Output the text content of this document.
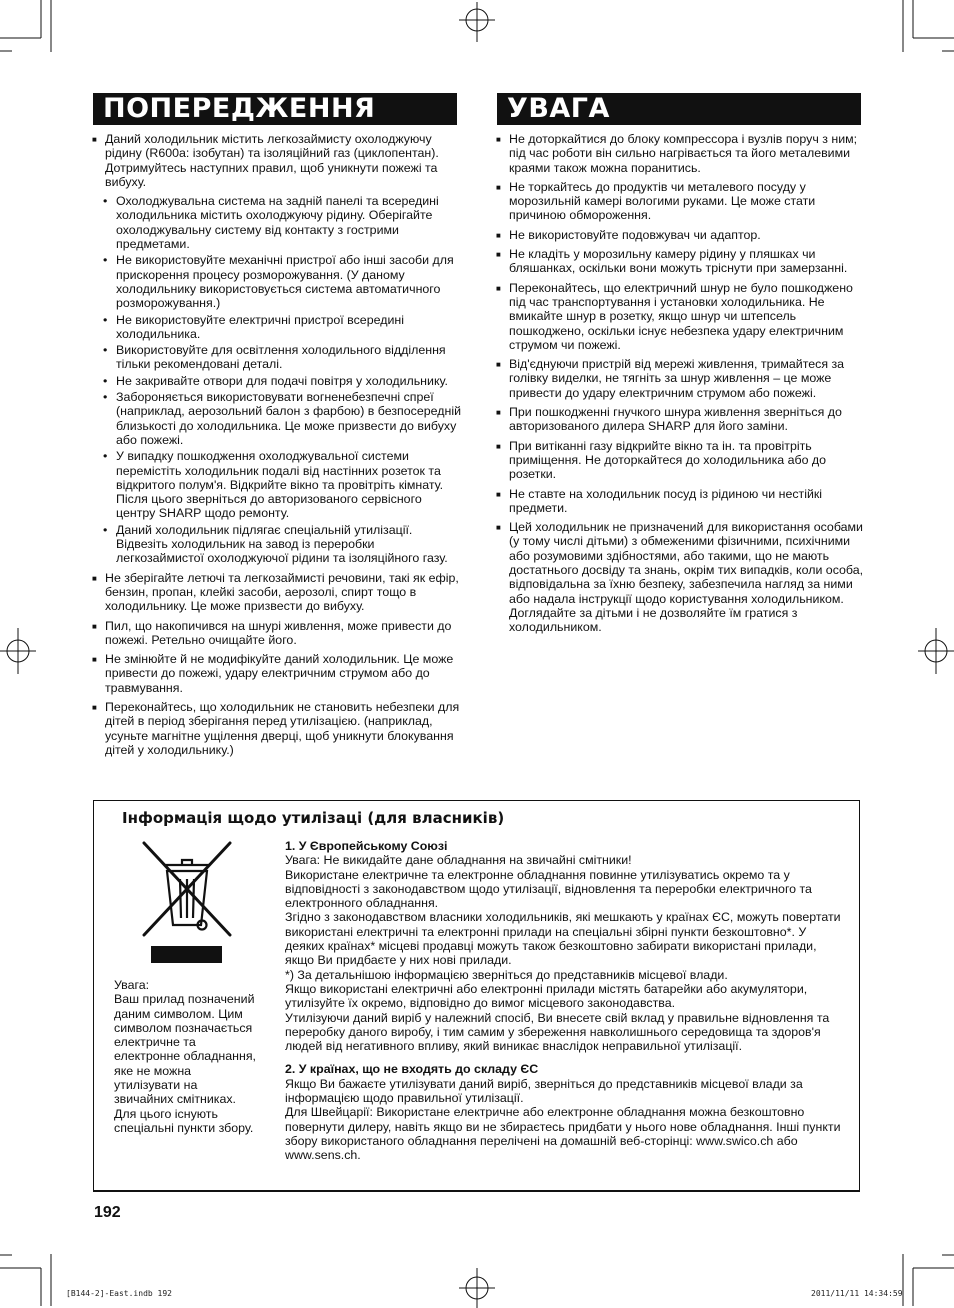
ПОПЕРЕДЖЕННЯ	УВАГА
■ Даний холодильник містить легкозаймисту охолоджуючу рідину (R600a: ізобутан) та ізоляційний газ (циклопентан). Дотримуйтесь наступних правил, щоб уникнути пожежі та вибуху.
• Охолоджувальна система на задній панелі та всередині холодильника містить охолоджуючу рідину. Оберігайте охолоджувальну систему від контакту з гострими предметами.
• Не використовуйте механічні пристрої або інші засоби для прискорення процесу розморожування. (У даному холодильнику використовується система автоматичного розморожування.)
• Не використовуйте електричні пристрої всередині холодильника.
• Використовуйте для освітлення холодильного відділення тільки рекомендовані деталі.
• Не закривайте отвори для подачі повітря у холодильнику.
• Забороняється використовувати вогненебезпечні спреї (наприклад, аерозольний балон з фарбою) в безпосередній близькості до холодильника. Це може призвести до вибуху або пожежі.
• У випадку пошкодження охолоджувальної системи перемістіть холодильник подалі від настінних розеток та відкритого полум'я. Відкрийте вікно та провітріть кімнату. Після цього зверніться до авторизованого сервісного центру SHARP щодо ремонту.
• Даний холодильник підлягає спеціальній утилізації. Відвезіть холодильник на завод із переробки легкозаймистої охолоджуючої рідини та ізоляційного газу.
■ Не зберігайте летючі та легкозаймисті речовини, такі як ефір, бензин, пропан, клейкі засоби, аерозолі, спирт тощо в холодильнику. Це може призвести до вибуху.
■ Пил, що накопичився на шнурі живлення, може привести до пожежі. Ретельно очищайте його.
■ Не змінюйте й не модифікуйте даний холодильник. Це може привести до пожежі, удару електричним струмом або до травмування.
■ Переконайтесь, що холодильник не становить небезпеки для дітей в період зберігання перед утилізацією. (наприклад, усуньте магнітне ущілення дверці, щоб уникнути блокування дітей у холодильнику.)
■ Не доторкайтися до блоку компрессора і вузлів поруч з ним; під час роботи він сильно нагрівається та його металевими краями також можна поранитись.
■ Не торкайтесь до продуктів чи металевого посуду у морозильній камері вологими руками. Це може стати причиною обмороження.
■ Не використовуйте подовжувач чи адаптор.
■ Не кладіть у морозильну камеру рідину у пляшках чи бляшанках, оскільки вони можуть тріснути при замерзанні.
■ Переконайтесь, що електричний шнур не було пошкоджено під час транспортування і установки холодильника. Не вмикайте шнур в розетку, якщо шнур чи штепсель пошкоджено, оскільки існує небезпека удару електричним струмом чи пожежі.
■ Від'єднуючи пристрій від мережі живлення, тримайтеся за голівку виделки, не тягніть за шнур живлення – це може привести до удару електричним струмом або пожежі.
■ При пошкодженні гнучкого шнура живлення зверніться до авторизованого дилера SHARP для його заміни.
■ При витіканні газу відкрийте вікно та ін. та провітріть приміщення. Не доторкайтеся до холодильника або до розетки.
■ Не ставте на холодильник посуд із рідиною чи нестійкі предмети.
■ Цей холодильник не призначений для використання особами (у тому числі дітьми) з обмеженими фізичними, психічними або розумовими здібностями, або такими, що не мають достатнього досвіду та знань, окрім тих випадків, коли особа, відповідальна за їхню безпеку, забезпечила нагляд за ними або надала інструкції щодо користування холодильником. Доглядайте за дітьми і не дозволяйте їм гратися з холодильником.
Інформація щодо утилізаці (для власників)
Увага:
Ваш прилад позначений даним символом. Цим символом позначається електричне та електронне обладнання, яке не можна утилізувати на звичайних смітниках. Для цього існують спеціальні пункти збору.
1. У Європейському Союзі

Увага: Не викидайте дане обладнання на звичайні смітники!
Використане електричне та електронне обладнання повинне утилізуватись окремо та у відповідності з законодавством щодо утилізації, відновлення та переробки електричного та електронного обладнання.
Згідно з законодавством власники холодильників, які мешкають у країнах ЄС, можуть повертати використані електричні та електронні прилади на спеціальні збірні пункти безкоштовно*. У деяких країнах* місцеві продавці можуть також безкоштовно забирати використані прилади, якщо Ви придбаєте у них нові прилади.
*) За детальнішою інформацією зверніться до представників місцевої влади.
Якщо використані електричні або електронні прилади містять батарейки або акумулятори, утилізуйте їх окремо, відповідно до вимог місцевого законодавства.
Утилізуючи даний виріб у належний спосіб, Ви внесете свій вклад у правильне відновлення та переробку даного виробу, і тим самим у збереження навколишнього середовища та здоров'я людей від негативного впливу, який виникає внаслідок неправильної утилізації.

2. У країнах, що не входять до складу ЄС

Якщо Ви бажаєте утилізувати даний виріб, зверніться до представників місцевої влади за інформацією щодо правильної утилізації.
Для Швейцарії: Використане електричне або електронне обладнання можна безкоштовно повернути дилеру, навіть якщо ви не збираєтесь придбати у нього нове обладнання. Інші пункти збору використаного обладнання перелічені на домашній веб-сторінці: www.swico.ch або www.sens.ch.

192
[B144-2]-East.indb 192	2011/11/11 14:34:59
